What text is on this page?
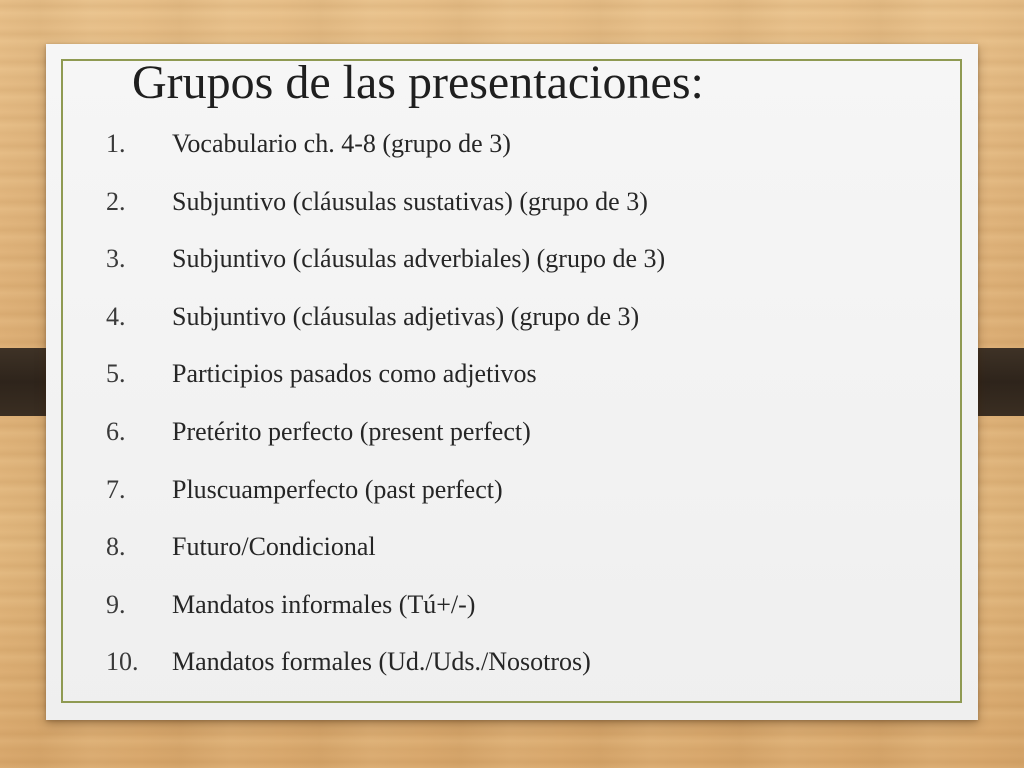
Grupos de las presentaciones:
1. Vocabulario ch. 4-8 (grupo de 3)
2. Subjuntivo (cláusulas sustativas) (grupo de 3)
3. Subjuntivo (cláusulas adverbiales) (grupo de 3)
4. Subjuntivo (cláusulas adjetivas) (grupo de 3)
5. Participios pasados como adjetivos
6. Pretérito perfecto (present perfect)
7. Pluscuamperfecto (past perfect)
8. Futuro/Condicional
9. Mandatos informales (Tú+/-)
10. Mandatos formales (Ud./Uds./Nosotros)
